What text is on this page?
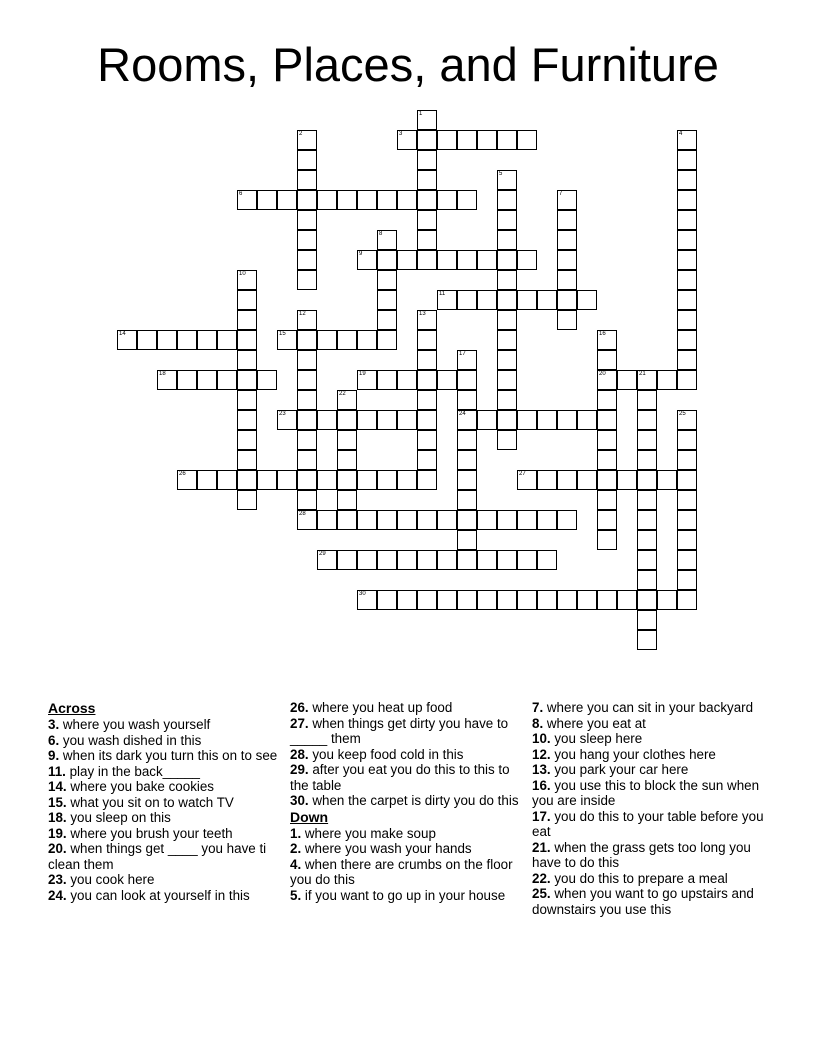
Rooms, Places, and Furniture
3
6
9
11
14	15
18	19	20	21
23	24
26	27
28
29
30
1
2	4
5
7
8
10
12	13
16
17
22
25
Across
3. where you wash yourself
6. you wash dished in this
9. when its dark you turn this on to see
11. play in the back_____
14. where you bake cookies
15. what you sit on to watch TV
18. you sleep on this
19. where you brush your teeth
20. when things get ____ you have ti clean them
23. you cook here
24. you can look at yourself in this
26. where you heat up food
27. when things get dirty you have to _____ them
28. you keep food cold in this
29. after you eat you do this to this to the table
30. when the carpet is dirty you do this
Down
1. where you make soup
2. where you wash your hands
4. when there are crumbs on the floor you do this
5. if you want to go up in your house
7. where you can sit in your backyard
8. where you eat at
10. you sleep here
12. you hang your clothes here
13. you park your car here
16. you use this to block the sun when you are inside
17. you do this to your table before you eat
21. when the grass gets too long you have to do this
22. you do this to prepare a meal
25. when you want to go upstairs and downstairs you use this
